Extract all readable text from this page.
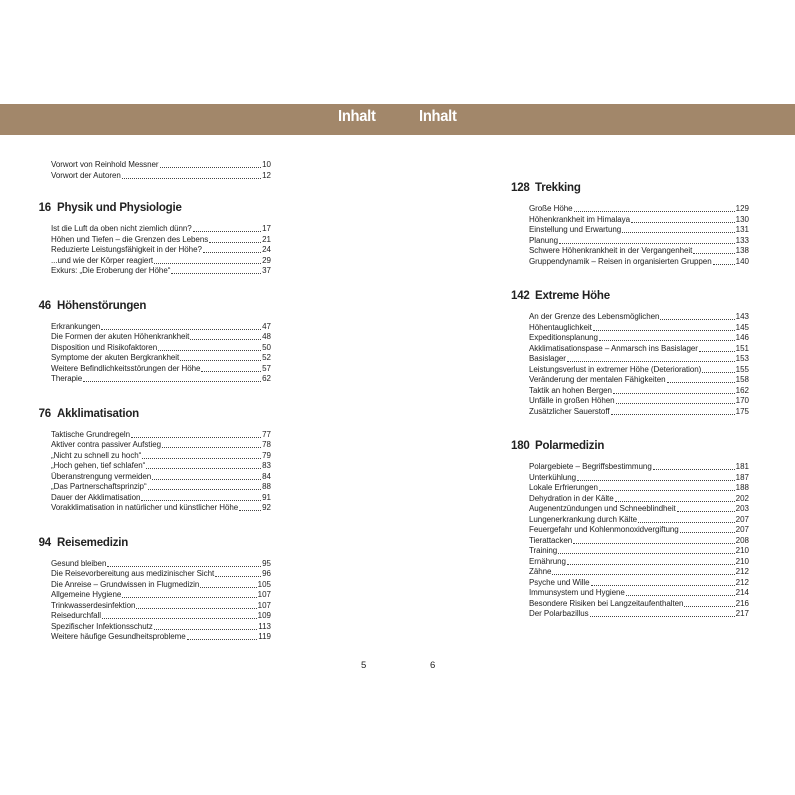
Inhalt	Inhalt
Vorwort von Reinhold Messner	10
Vorwort der Autoren	12
16 Physik und Physiologie
Ist die Luft da oben nicht ziemlich dünn?	17
Höhen und Tiefen – die Grenzen des Lebens	21
Reduzierte Leistungsfähigkeit in der Höhe?	24
...und wie der Körper reagiert	29
Exkurs: „Die Eroberung der Höhe“	37
46 Höhenstörungen
Erkrankungen	47
Die Formen der akuten Höhenkrankheit	48
Disposition und Risikofaktoren	50
Symptome der akuten Bergkrankheit	52
Weitere Befindlichkeitsstörungen der Höhe	57
Therapie	62
76 Akklimatisation
Taktische Grundregeln	77
Aktiver contra passiver Aufstieg	78
„Nicht zu schnell zu hoch“	79
„Hoch gehen, tief schlafen“	83
Überanstrengung vermeiden	84
„Das Partnerschaftsprinzip“	88
Dauer der Akklimatisation	91
Vorakklimatisation in natürlicher und künstlicher Höhe	92
94 Reisemedizin
Gesund bleiben	95
Die Reisevorbereitung aus medizinischer Sicht	96
Die Anreise – Grundwissen in Flugmedizin	105
Allgemeine Hygiene	107
Trinkwasserdesinfektion	107
Reisedurchfall	109
Spezifischer Infektionsschutz	113
Weitere häufige Gesundheitsprobleme	119
128 Trekking
Große Höhe	129
Höhenkrankheit im Himalaya	130
Einstellung und Erwartung	131
Planung	133
Schwere Höhenkrankheit in der Vergangenheit	138
Gruppendynamik – Reisen in organisierten Gruppen	140
142 Extreme Höhe
An der Grenze des Lebensmöglichen	143
Höhentauglichkeit	145
Expeditionsplanung	146
Akklimatisationspase – Anmarsch ins Basislager	151
Basislager	153
Leistungsverlust in extremer Höhe (Deterioration)	155
Veränderung der mentalen Fähigkeiten	158
Taktik an hohen Bergen	162
Unfälle in großen Höhen	170
Zusätzlicher Sauerstoff	175
180 Polarmedizin
Polargebiete – Begriffsbestimmung	181
Unterkühlung	187
Lokale Erfrierungen	188
Dehydration in der Kälte	202
Augenentzündungen und Schneeblindheit	203
Lungenerkrankung durch Kälte	207
Feuergefahr und Kohlenmonoxidvergiftung	207
Tierattacken	208
Training	210
Ernährung	210
Zähne	212
Psyche und Wille	212
Immunsystem und Hygiene	214
Besondere Risiken bei Langzeitaufenthalten	216
Der Polarbazillus	217
5	6
